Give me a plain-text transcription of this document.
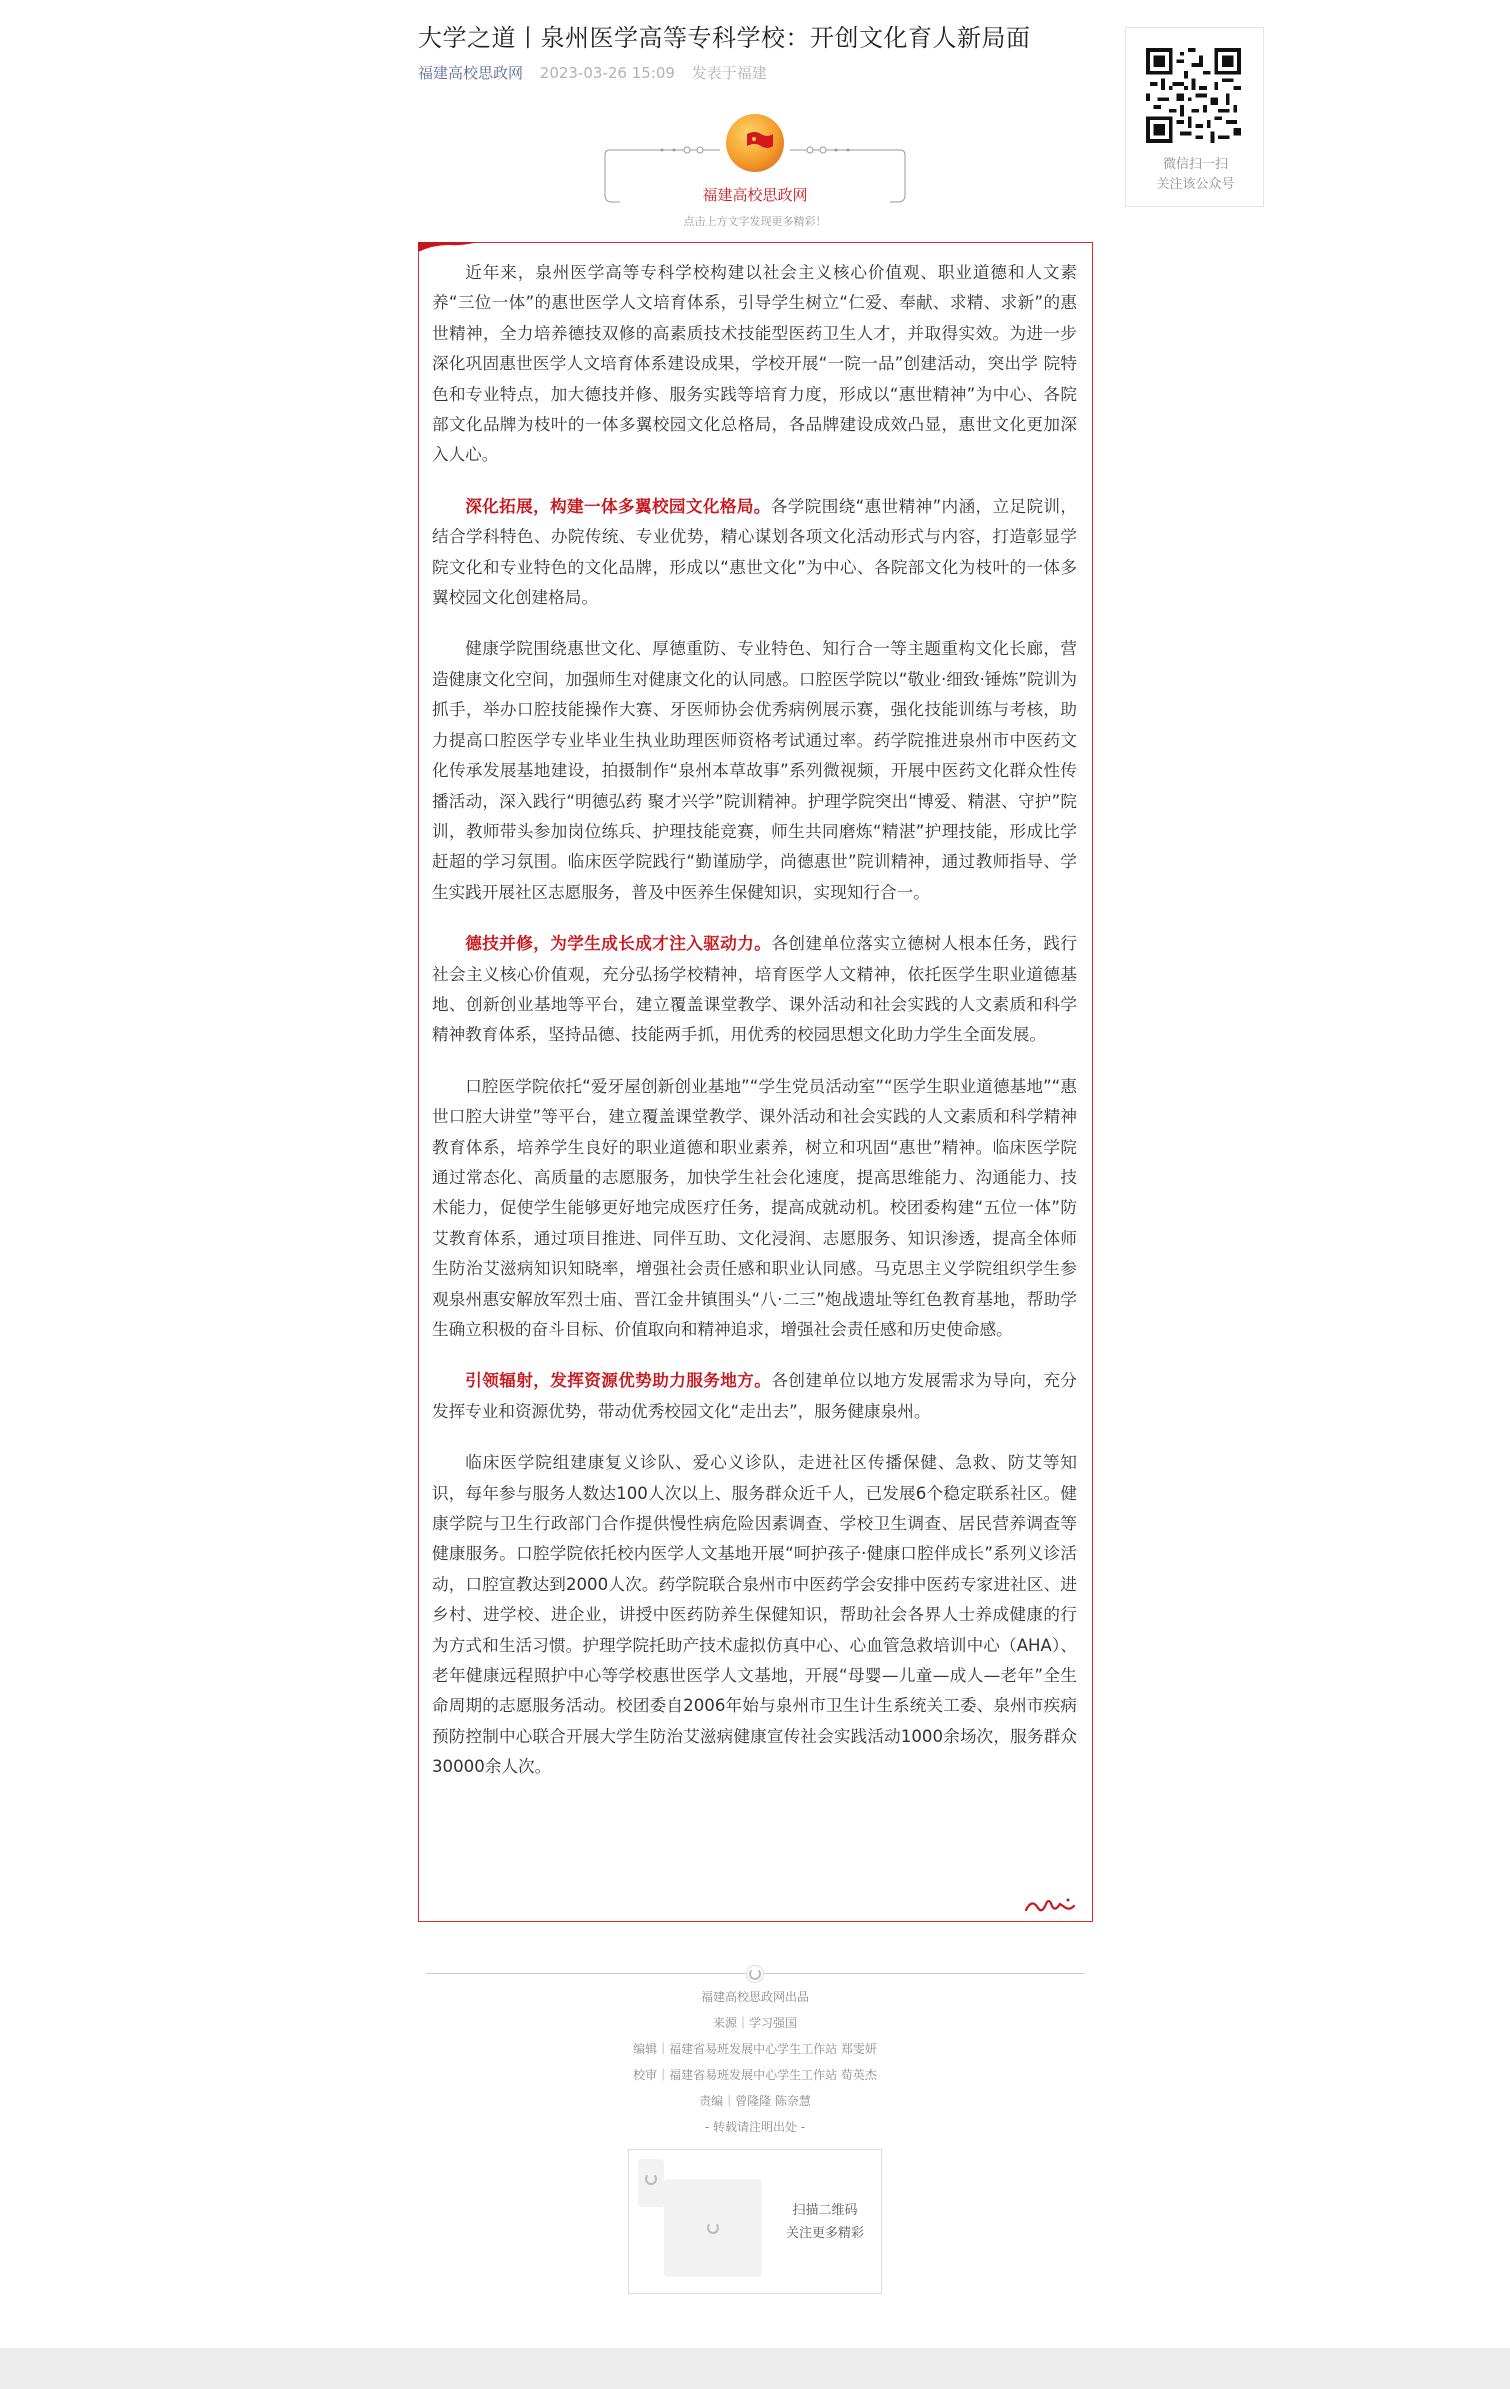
大学之道丨泉州医学高等专科学校：开创文化育人新局面
福建高校思政网 2023-03-26 15:09 发表于福建
微信扫一扫
关注该公众号
福建高校思政网
点击上方文字发现更多精彩！

近年来，泉州医学高等专科学校构建以社会主义核心价值观、职业道德和人文素养“三位一体”的惠世医学人文培育体系，引导学生树立“仁爱、奉献、求精、求新”的惠世精神，全力培养德技双修的高素质技术技能型医药卫生人才，并取得实效。为进一步深化巩固惠世医学人文培育体系建设成果，学校开展“一院一品”创建活动，突出学 院特色和专业特点，加大德技并修、服务实践等培育力度，形成以“惠世精神”为中心、各院部文化品牌为枝叶的一体多翼校园文化总格局，各品牌建设成效凸显，惠世文化更加深入人心。

深化拓展，构建一体多翼校园文化格局。各学院围绕“惠世精神”内涵，立足院训，结合学科特色、办院传统、专业优势，精心谋划各项文化活动形式与内容，打造彰显学院文化和专业特色的文化品牌，形成以“惠世文化”为中心、各院部文化为枝叶的一体多翼校园文化创建格局。

健康学院围绕惠世文化、厚德重防、专业特色、知行合一等主题重构文化长廊，营造健康文化空间，加强师生对健康文化的认同感。口腔医学院以“敬业·细致·锤炼”院训为抓手，举办口腔技能操作大赛、牙医师协会优秀病例展示赛，强化技能训练与考核，助力提高口腔医学专业毕业生执业助理医师资格考试通过率。药学院推进泉州市中医药文化传承发展基地建设，拍摄制作“泉州本草故事”系列微视频，开展中医药文化群众性传播活动，深入践行“明德弘药 聚才兴学”院训精神。护理学院突出“博爱、精湛、守护”院训，教师带头参加岗位练兵、护理技能竞赛，师生共同磨炼“精湛”护理技能，形成比学赶超的学习氛围。临床医学院践行“勤谨励学，尚德惠世”院训精神，通过教师指导、学生实践开展社区志愿服务，普及中医养生保健知识，实现知行合一。

德技并修，为学生成长成才注入驱动力。各创建单位落实立德树人根本任务，践行社会主义核心价值观，充分弘扬学校精神，培育医学人文精神，依托医学生职业道德基地、创新创业基地等平台，建立覆盖课堂教学、课外活动和社会实践的人文素质和科学精神教育体系，坚持品德、技能两手抓，用优秀的校园思想文化助力学生全面发展。

口腔医学院依托“爱牙屋创新创业基地”“学生党员活动室”“医学生职业道德基地”“惠世口腔大讲堂”等平台，建立覆盖课堂教学、课外活动和社会实践的人文素质和科学精神教育体系，培养学生良好的职业道德和职业素养，树立和巩固“惠世”精神。临床医学院通过常态化、高质量的志愿服务，加快学生社会化速度，提高思维能力、沟通能力、技术能力，促使学生能够更好地完成医疗任务，提高成就动机。校团委构建“五位一体”防艾教育体系，通过项目推进、同伴互助、文化浸润、志愿服务、知识渗透，提高全体师生防治艾滋病知识知晓率，增强社会责任感和职业认同感。马克思主义学院组织学生参观泉州惠安解放军烈士庙、晋江金井镇围头“八·二三”炮战遗址等红色教育基地，帮助学生确立积极的奋斗目标、价值取向和精神追求，增强社会责任感和历史使命感。

引领辐射，发挥资源优势助力服务地方。各创建单位以地方发展需求为导向，充分发挥专业和资源优势，带动优秀校园文化“走出去”，服务健康泉州。

临床医学院组建康复义诊队、爱心义诊队，走进社区传播保健、急救、防艾等知识，每年参与服务人数达100人次以上、服务群众近千人，已发展6个稳定联系社区。健康学院与卫生行政部门合作提供慢性病危险因素调查、学校卫生调查、居民营养调查等健康服务。口腔学院依托校内医学人文基地开展“呵护孩子·健康口腔伴成长”系列义诊活动，口腔宣教达到2000人次。药学院联合泉州市中医药学会安排中医药专家进社区、进乡村、进学校、进企业，讲授中医药防养生保健知识，帮助社会各界人士养成健康的行为方式和生活习惯。护理学院托助产技术虚拟仿真中心、心血管急救培训中心（AHA）、老年健康远程照护中心等学校惠世医学人文基地，开展“母婴—儿童—成人—老年”全生命周期的志愿服务活动。校团委自2006年始与泉州市卫生计生系统关工委、泉州市疾病预防控制中心联合开展大学生防治艾滋病健康宣传社会实践活动1000余场次，服务群众30000余人次。

福建高校思政网出品
来源｜学习强国
编辑｜福建省易班发展中心学生工作站 郑雯妍
校审｜福建省易班发展中心学生工作站 荀英杰
责编｜曾隆隆 陈奈慧
- 转载请注明出处 -
扫描二维码
关注更多精彩
